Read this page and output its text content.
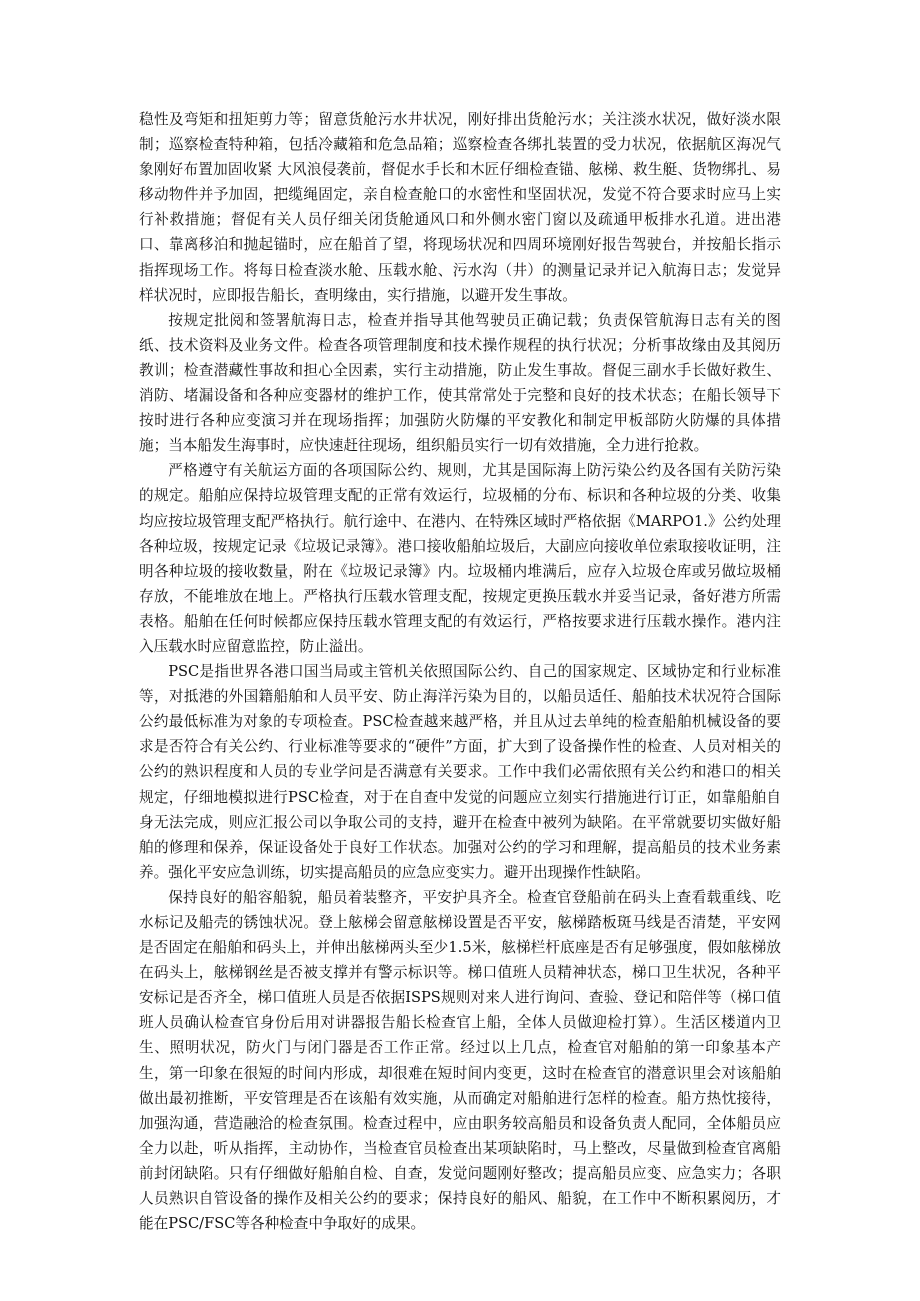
稳性及弯矩和扭矩剪力等；留意货舱污水井状况，刚好排出货舱污水；关注淡水状况，做好淡水限制；巡察检查特种箱，包括冷藏箱和危急品箱；巡察检查各绑扎装置的受力状况，依据航区海况气象刚好布置加固收紧 大风浪侵袭前，督促水手长和木匠仔细检查锚、舷梯、救生艇、货物绑扎、易移动物件并予加固，把缆绳固定，亲自检查舱口的水密性和坚固状况，发觉不符合要求时应马上实行补救措施；督促有关人员仔细关闭货舱通风口和外侧水密门窗以及疏通甲板排水孔道。进出港口、靠离移泊和抛起锚时，应在船首了望，将现场状况和四周环境刚好报告驾驶台，并按船长指示指挥现场工作。将每日检查淡水舱、压载水舱、污水沟（井）的测量记录并记入航海日志；发觉异样状况时，应即报告船长，查明缘由，实行措施，以避开发生事故。

按规定批阅和签署航海日志，检查并指导其他驾驶员正确记载；负责保管航海日志有关的图纸、技术资料及业务文件。检查各项管理制度和技术操作规程的执行状况；分析事故缘由及其阅历教训；检查潜藏性事故和担心全因素，实行主动措施，防止发生事故。督促三副水手长做好救生、消防、堵漏设备和各种应变器材的维护工作，使其常常处于完整和良好的技术状态；在船长领导下按时进行各种应变演习并在现场指挥；加强防火防爆的平安教化和制定甲板部防火防爆的具体措施；当本船发生海事时，应快速赶往现场，组织船员实行一切有效措施，全力进行抢救。

严格遵守有关航运方面的各项国际公约、规则，尤其是国际海上防污染公约及各国有关防污染的规定。船舶应保持垃圾管理支配的正常有效运行，垃圾桶的分布、标识和各种垃圾的分类、收集均应按垃圾管理支配严格执行。航行途中、在港内、在特殊区域时严格依据《MARPO1.》公约处理各种垃圾，按规定记录《垃圾记录簿》。港口接收船舶垃圾后，大副应向接收单位索取接收证明，注明各种垃圾的接收数量，附在《垃圾记录簿》内。垃圾桶内堆满后，应存入垃圾仓库或另做垃圾桶存放，不能堆放在地上。严格执行压载水管理支配，按规定更换压载水并妥当记录，备好港方所需表格。船舶在任何时候都应保持压载水管理支配的有效运行，严格按要求进行压载水操作。港内注入压载水时应留意监控，防止溢出。

PSC是指世界各港口国当局或主管机关依照国际公约、自己的国家规定、区域协定和行业标准等，对抵港的外国籍船舶和人员平安、防止海洋污染为目的，以船员适任、船舶技术状况符合国际公约最低标准为对象的专项检查。PSC检查越来越严格，并且从过去单纯的检查船舶机械设备的要求是否符合有关公约、行业标准等要求的“硬件”方面，扩大到了设备操作性的检查、人员对相关的公约的熟识程度和人员的专业学问是否满意有关要求。工作中我们必需依照有关公约和港口的相关规定，仔细地模拟进行PSC检查，对于在自查中发觉的问题应立刻实行措施进行订正，如靠船舶自身无法完成，则应汇报公司以争取公司的支持，避开在检查中被列为缺陷。在平常就要切实做好船舶的修理和保养，保证设备处于良好工作状态。加强对公约的学习和理解，提高船员的技术业务素养。强化平安应急训练，切实提高船员的应急应变实力。避开出现操作性缺陷。

保持良好的船容船貌，船员着装整齐，平安护具齐全。检查官登船前在码头上查看载重线、吃水标记及船壳的锈蚀状况。登上舷梯会留意舷梯设置是否平安，舷梯踏板斑马线是否清楚，平安网是否固定在船舶和码头上，并伸出舷梯两头至少1.5米，舷梯栏杆底座是否有足够强度，假如舷梯放在码头上，舷梯钢丝是否被支撑并有警示标识等。梯口值班人员精神状态，梯口卫生状况，各种平安标记是否齐全，梯口值班人员是否依据ISPS规则对来人进行询问、查验、登记和陪伴等（梯口值班人员确认检查官身份后用对讲器报告船长检查官上船，全体人员做迎检打算）。生活区楼道内卫生、照明状况，防火门与闭门器是否工作正常。经过以上几点，检查官对船舶的第一印象基本产生，第一印象在很短的时间内形成，却很难在短时间内变更，这时在检查官的潜意识里会对该船舶做出最初推断，平安管理是否在该船有效实施，从而确定对船舶进行怎样的检查。船方热忱接待，加强沟通，营造融洽的检查氛围。检查过程中，应由职务较高船员和设备负责人配同，全体船员应全力以赴，听从指挥，主动协作，当检查官员检查出某项缺陷时，马上整改，尽量做到检查官离船前封闭缺陷。只有仔细做好船舶自检、自查，发觉问题刚好整改；提高船员应变、应急实力；各职人员熟识自管设备的操作及相关公约的要求；保持良好的船风、船貌，在工作中不断积累阅历，才能在PSC/FSC等各种检查中争取好的成果。
